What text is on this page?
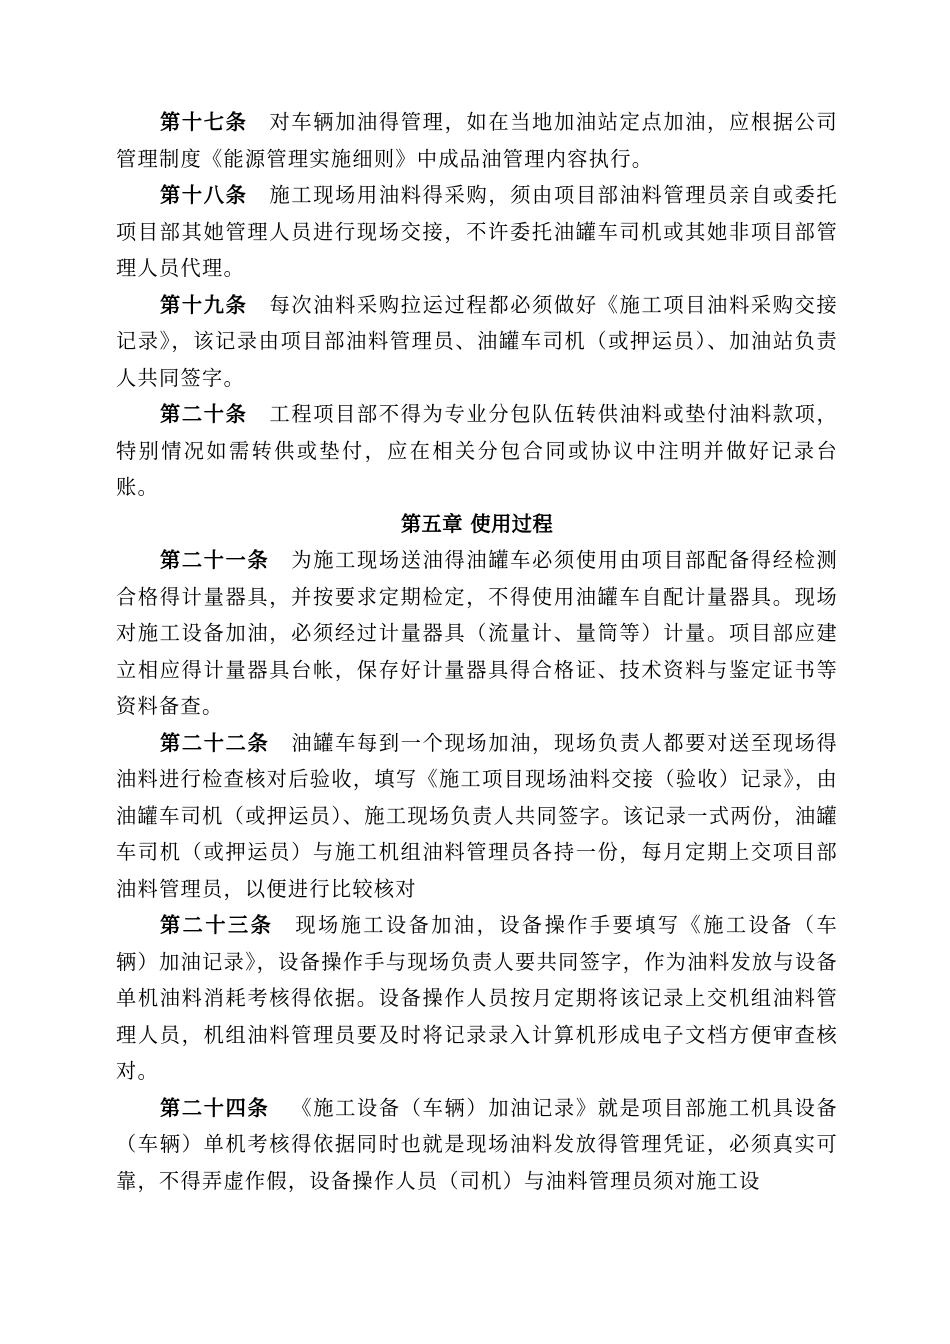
第十七条 对车辆加油得管理，如在当地加油站定点加油，应根据公司管理制度《能源管理实施细则》中成品油管理内容执行。

第十八条 施工现场用油料得采购，须由项目部油料管理员亲自或委托项目部其她管理人员进行现场交接，不许委托油罐车司机或其她非项目部管理人员代理。

第十九条 每次油料采购拉运过程都必须做好《施工项目油料采购交接记录》，该记录由项目部油料管理员、油罐车司机（或押运员）、加油站负责人共同签字。

第二十条 工程项目部不得为专业分包队伍转供油料或垫付油料款项，特别情况如需转供或垫付，应在相关分包合同或协议中注明并做好记录台账。

第五章 使用过程

第二十一条 为施工现场送油得油罐车必须使用由项目部配备得经检测合格得计量器具，并按要求定期检定，不得使用油罐车自配计量器具。现场对施工设备加油，必须经过计量器具（流量计、量筒等）计量。项目部应建立相应得计量器具台帐，保存好计量器具得合格证、技术资料与鉴定证书等资料备查。

第二十二条 油罐车每到一个现场加油，现场负责人都要对送至现场得油料进行检查核对后验收，填写《施工项目现场油料交接（验收）记录》，由油罐车司机（或押运员）、施工现场负责人共同签字。该记录一式两份，油罐车司机（或押运员）与施工机组油料管理员各持一份，每月定期上交项目部油料管理员，以便进行比较核对

第二十三条 现场施工设备加油，设备操作手要填写《施工设备（车辆）加油记录》，设备操作手与现场负责人要共同签字，作为油料发放与设备单机油料消耗考核得依据。设备操作人员按月定期将该记录上交机组油料管理人员，机组油料管理员要及时将记录录入计算机形成电子文档方便审查核对。

第二十四条 《施工设备（车辆）加油记录》就是项目部施工机具设备（车辆）单机考核得依据同时也就是现场油料发放得管理凭证，必须真实可靠，不得弄虚作假，设备操作人员（司机）与油料管理员须对施工设
